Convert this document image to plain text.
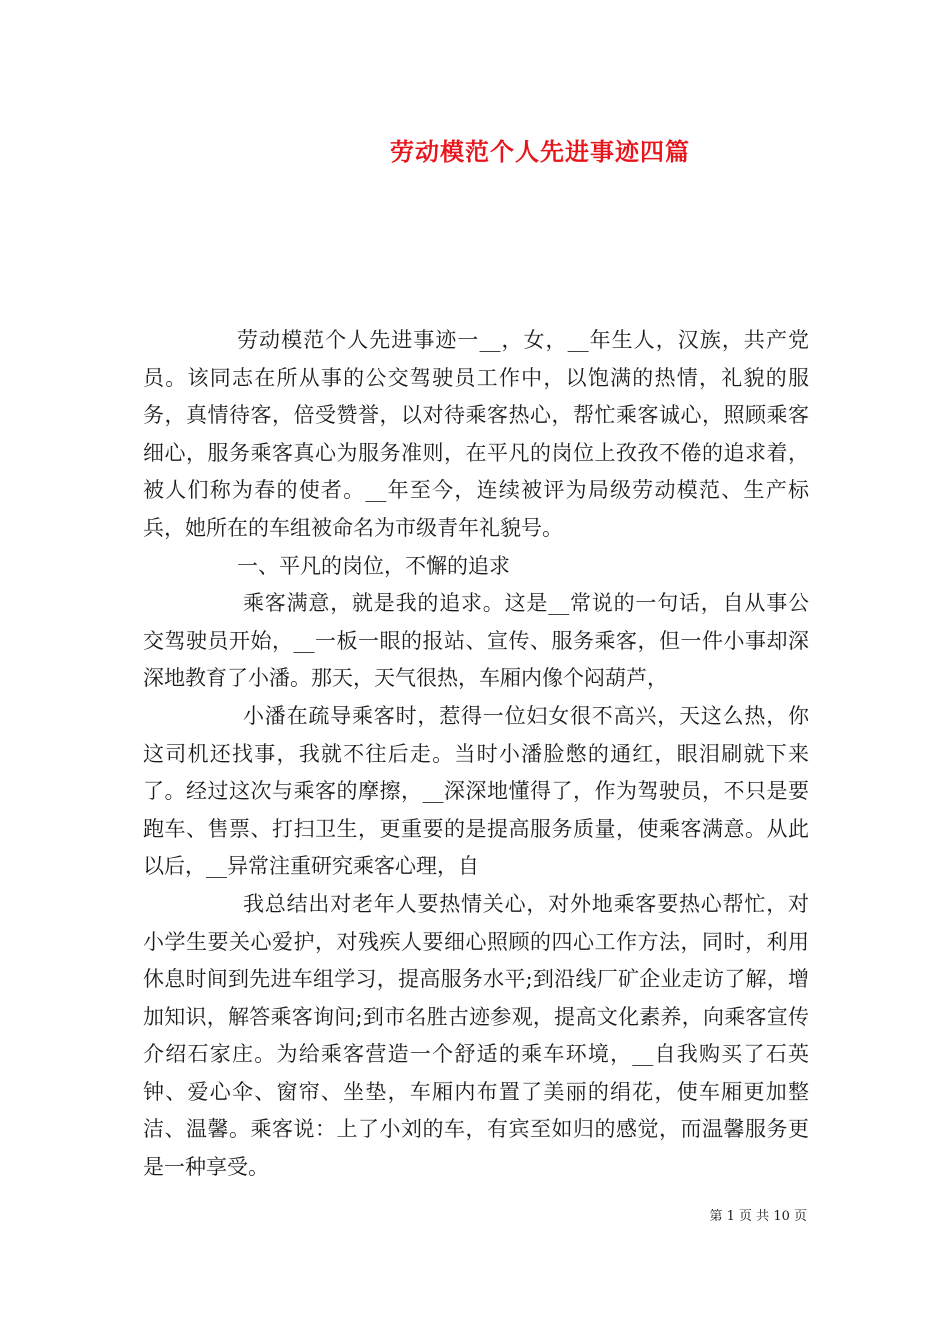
劳动模范个人先进事迹四篇

劳动模范个人先进事迹一__，女，__年生人，汉族，共产党员。该同志在所从事的公交驾驶员工作中，以饱满的热情，礼貌的服务，真情待客，倍受赞誉，以对待乘客热心，帮忙乘客诚心，照顾乘客细心，服务乘客真心为服务准则，在平凡的岗位上孜孜不倦的追求着，被人们称为春的使者。__年至今，连续被评为局级劳动模范、生产标兵，她所在的车组被命名为市级青年礼貌号。

一、平凡的岗位，不懈的追求

乘客满意，就是我的追求。这是__常说的一句话，自从事公交驾驶员开始，__一板一眼的报站、宣传、服务乘客，但一件小事却深深地教育了小潘。那天，天气很热，车厢内像个闷葫芦，

小潘在疏导乘客时，惹得一位妇女很不高兴，天这么热，你这司机还找事，我就不往后走。当时小潘脸憋的通红，眼泪刷就下来了。经过这次与乘客的摩擦，__深深地懂得了，作为驾驶员，不只是要跑车、售票、打扫卫生，更重要的是提高服务质量，使乘客满意。从此以后，__异常注重研究乘客心理，自

我总结出对老年人要热情关心，对外地乘客要热心帮忙，对小学生要关心爱护，对残疾人要细心照顾的四心工作方法，同时，利用休息时间到先进车组学习，提高服务水平;到沿线厂矿企业走访了解，增加知识，解答乘客询问;到市名胜古迹参观，提高文化素养，向乘客宣传介绍石家庄。为给乘客营造一个舒适的乘车环境，__自我购买了石英钟、爱心伞、窗帘、坐垫，车厢内布置了美丽的绢花，使车厢更加整洁、温馨。乘客说：上了小刘的车，有宾至如归的感觉，而温馨服务更是一种享受。

第 1 页 共 10 页
